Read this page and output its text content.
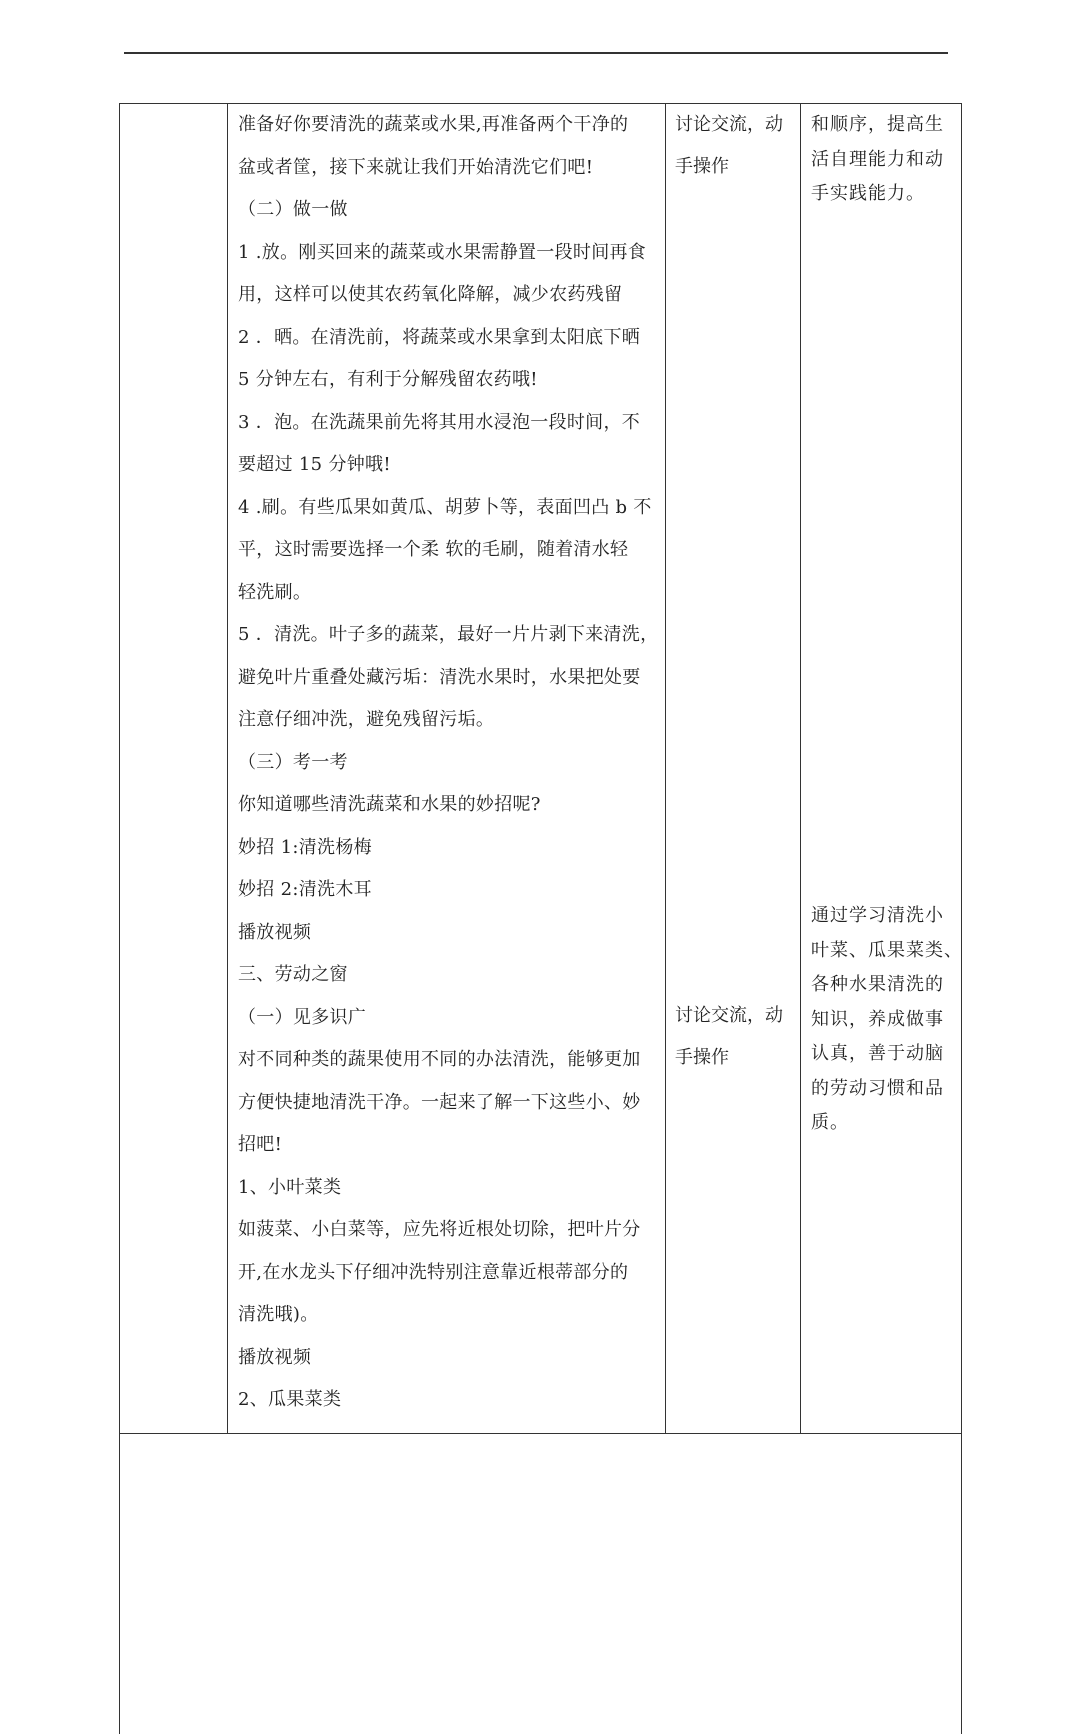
准备好你要清洗的蔬菜或水果,再准备两个干净的

盆或者筐，接下来就让我们开始清洗它们吧!

（二）做一做

1 .放。刚买回来的蔬菜或水果需静置一段时间再食

用，这样可以使其农药氧化降解，减少农药残留

2 ．晒。在清洗前，将蔬菜或水果拿到太阳底下晒

5 分钟左右，有利于分解残留农药哦!

3 ．泡。在洗蔬果前先将其用水浸泡一段时间，不

要超过 15 分钟哦!

4 .刷。有些瓜果如黄瓜、胡萝卜等，表面凹凸 b 不

平，这时需要选择一个柔 软的毛刷，随着清水轻

轻洗刷。

5 ．清洗。叶子多的蔬菜，最好一片片剥下来清洗，

避免叶片重叠处藏污垢：清洗水果时，水果把处要

注意仔细冲洗，避免残留污垢。

（三）考一考

你知道哪些清洗蔬菜和水果的妙招呢?

妙招 1:清洗杨梅

妙招 2:清洗木耳

播放视频

三、劳动之窗

（一）见多识广

对不同种类的蔬果使用不同的办法清洗，能够更加

方便快捷地清洗干净。一起来了解一下这些小、妙

招吧!

1、小叶菜类

如菠菜、小白菜等，应先将近根处切除，把叶片分

开,在水龙头下仔细冲洗特别注意靠近根蒂部分的

清洗哦)。

播放视频

2、瓜果菜类

讨论交流，动

手操作

讨论交流，动

手操作

和顺序，提高生

活自理能力和动

手实践能力。

通过学习清洗小

叶菜、瓜果菜类、

各种水果清洗的

知识，养成做事

认真，善于动脑

的劳动习惯和品

质。
